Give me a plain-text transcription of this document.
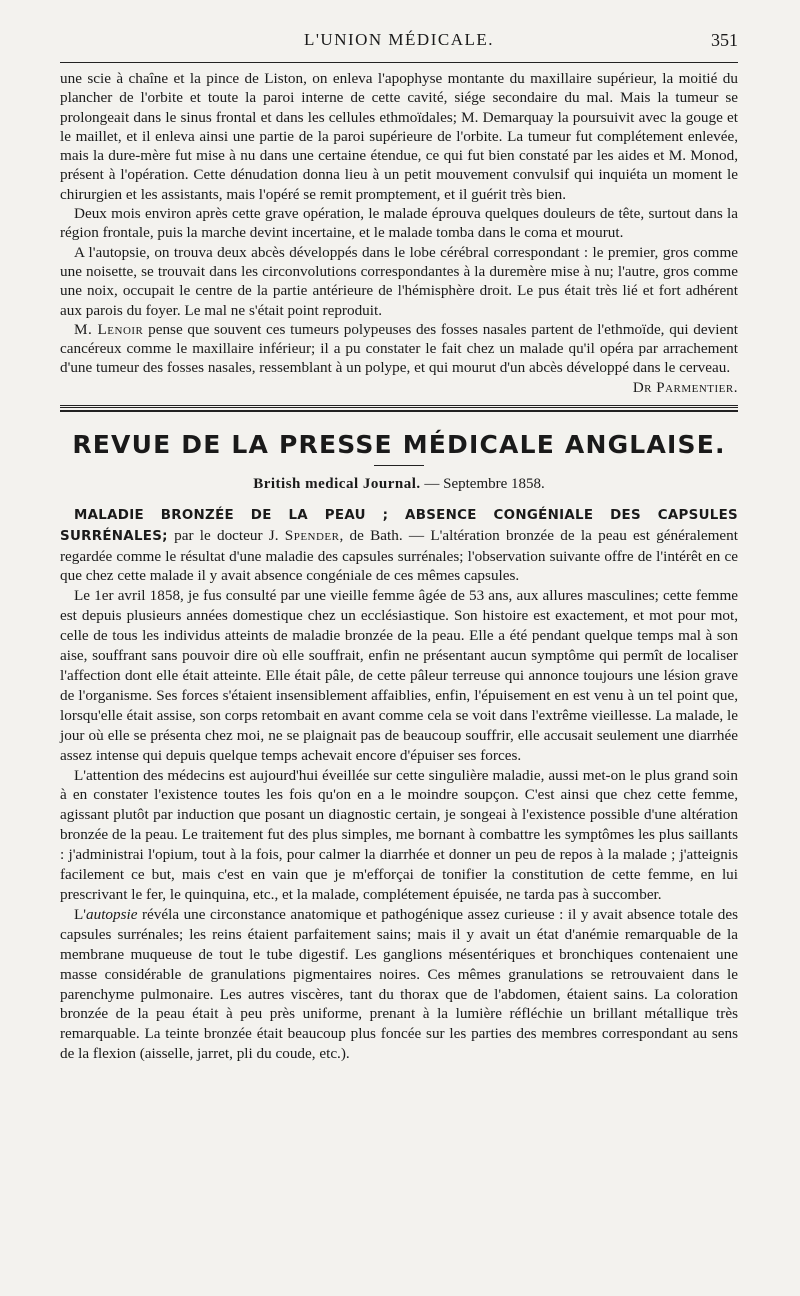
L'UNION MÉDICALE.	351

une scie à chaîne et la pince de Liston, on enleva l'apophyse montante du maxillaire supérieur, la moitié du plancher de l'orbite et toute la paroi interne de cette cavité, siége secondaire du mal. Mais la tumeur se prolongeait dans le sinus frontal et dans les cellules ethmoïdales; M. Demarquay la poursuivit avec la gouge et le maillet, et il enleva ainsi une partie de la paroi supérieure de l'orbite. La tumeur fut complétement enlevée, mais la dure-mère fut mise à nu dans une certaine étendue, ce qui fut bien constaté par les aides et M. Monod, présent à l'opération. Cette dénudation donna lieu à un petit mouvement convulsif qui inquiéta un moment le chirurgien et les assistants, mais l'opéré se remit promptement, et il guérit très bien.

Deux mois environ après cette grave opération, le malade éprouva quelques douleurs de tête, surtout dans la région frontale, puis la marche devint incertaine, et le malade tomba dans le coma et mourut.

A l'autopsie, on trouva deux abcès développés dans le lobe cérébral correspondant : le premier, gros comme une noisette, se trouvait dans les circonvolutions correspondantes à la duremère mise à nu; l'autre, gros comme une noix, occupait le centre de la partie antérieure de l'hémisphère droit. Le pus était très lié et fort adhérent aux parois du foyer. Le mal ne s'était point reproduit.

M. Lenoir pense que souvent ces tumeurs polypeuses des fosses nasales partent de l'ethmoïde, qui devient cancéreux comme le maxillaire inférieur; il a pu constater le fait chez un malade qu'il opéra par arrachement d'une tumeur des fosses nasales, ressemblant à un polype, et qui mourut d'un abcès développé dans le cerveau.

Dr Parmentier.
REVUE DE LA PRESSE MÉDICALE ANGLAISE.
British medical Journal. — Septembre 1858.

MALADIE BRONZÉE DE LA PEAU ; ABSENCE CONGÉNIALE DES CAPSULES SURRÉNALES; par le docteur J. Spender, de Bath. — L'altération bronzée de la peau est généralement regardée comme le résultat d'une maladie des capsules surrénales; l'observation suivante offre de l'intérêt en ce que chez cette malade il y avait absence congéniale de ces mêmes capsules.

Le 1er avril 1858, je fus consulté par une vieille femme âgée de 53 ans, aux allures masculines; cette femme est depuis plusieurs années domestique chez un ecclésiastique. Son histoire est exactement, et mot pour mot, celle de tous les individus atteints de maladie bronzée de la peau. Elle a été pendant quelque temps mal à son aise, souffrant sans pouvoir dire où elle souffrait, enfin ne présentant aucun symptôme qui permît de localiser l'affection dont elle était atteinte. Elle était pâle, de cette pâleur terreuse qui annonce toujours une lésion grave de l'organisme. Ses forces s'étaient insensiblement affaiblies, enfin, l'épuisement en est venu à un tel point que, lorsqu'elle était assise, son corps retombait en avant comme cela se voit dans l'extrême vieillesse. La malade, le jour où elle se présenta chez moi, ne se plaignait pas de beaucoup souffrir, elle accusait seulement une diarrhée assez intense qui depuis quelque temps achevait encore d'épuiser ses forces.

L'attention des médecins est aujourd'hui éveillée sur cette singulière maladie, aussi met-on le plus grand soin à en constater l'existence toutes les fois qu'on en a le moindre soupçon. C'est ainsi que chez cette femme, agissant plutôt par induction que posant un diagnostic certain, je songeai à l'existence possible d'une altération bronzée de la peau. Le traitement fut des plus simples, me bornant à combattre les symptômes les plus saillants : j'administrai l'opium, tout à la fois, pour calmer la diarrhée et donner un peu de repos à la malade ; j'atteignis facilement ce but, mais c'est en vain que je m'efforçai de tonifier la constitution de cette femme, en lui prescrivant le fer, le quinquina, etc., et la malade, complétement épuisée, ne tarda pas à succomber.

L'autopsie révéla une circonstance anatomique et pathogénique assez curieuse : il y avait absence totale des capsules surrénales; les reins étaient parfaitement sains; mais il y avait un état d'anémie remarquable de la membrane muqueuse de tout le tube digestif. Les ganglions mésentériques et bronchiques contenaient une masse considérable de granulations pigmentaires noires. Ces mêmes granulations se retrouvaient dans le parenchyme pulmonaire. Les autres viscères, tant du thorax que de l'abdomen, étaient sains. La coloration bronzée de la peau était à peu près uniforme, prenant à la lumière réfléchie un brillant métallique très remarquable. La teinte bronzée était beaucoup plus foncée sur les parties des membres correspondant au sens de la flexion (aisselle, jarret, pli du coude, etc.).
